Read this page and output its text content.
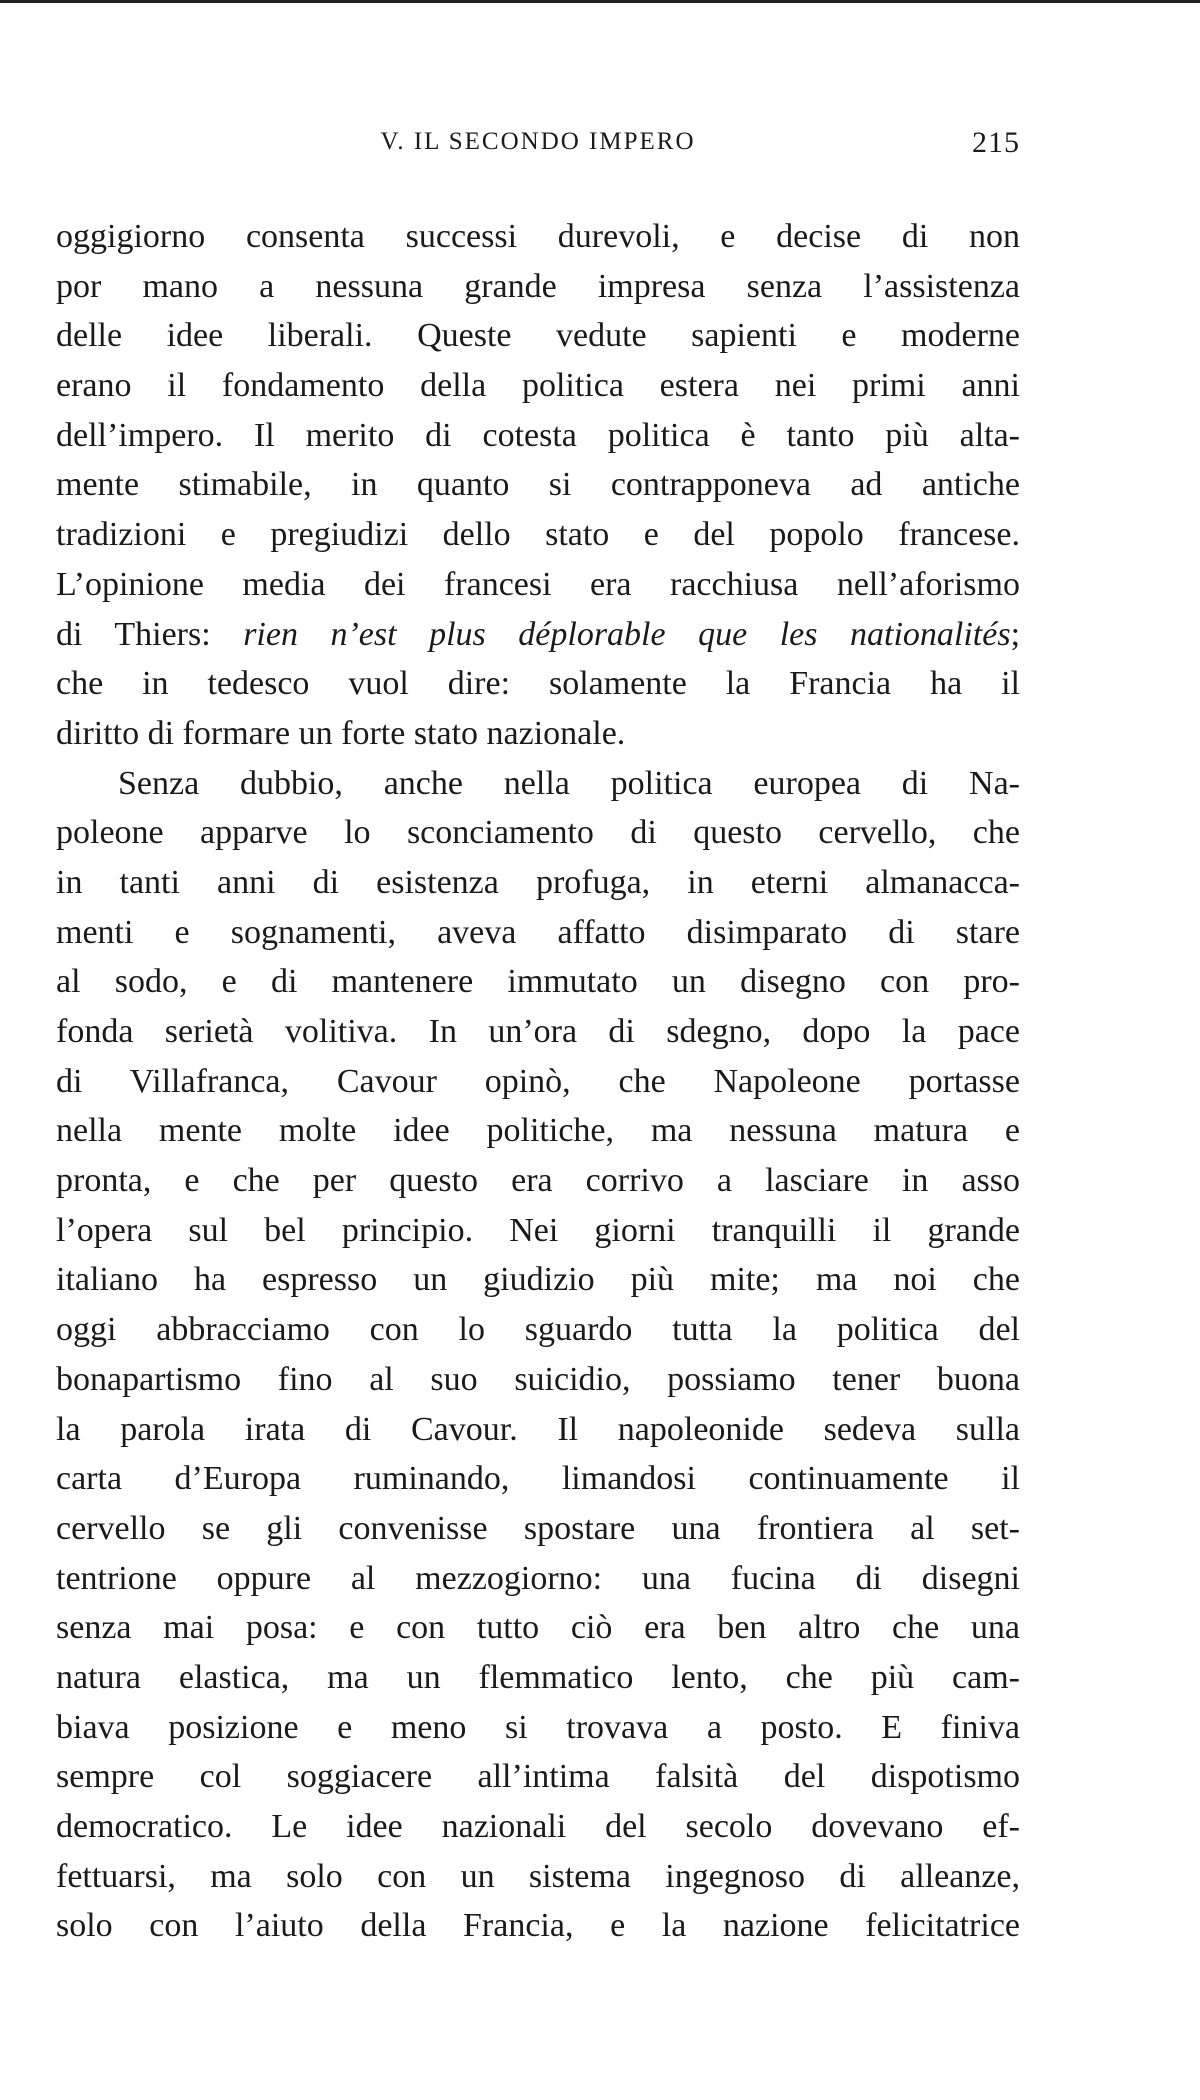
V. IL SECONDO IMPERO	215
oggigiorno consenta successi durevoli, e decise di non
por mano a nessuna grande impresa senza l’assistenza
delle idee liberali. Queste vedute sapienti e moderne
erano il fondamento della politica estera nei primi anni
dell’impero. Il merito di cotesta politica è tanto più alta-
mente stimabile, in quanto si contrapponeva ad antiche
tradizioni e pregiudizi dello stato e del popolo francese.
L’opinione media dei francesi era racchiusa nell’aforismo
di Thiers: rien n’est plus déplorable que les nationalités;
che in tedesco vuol dire: solamente la Francia ha il
diritto di formare un forte stato nazionale.
Senza dubbio, anche nella politica europea di Na-
poleone apparve lo sconciamento di questo cervello, che
in tanti anni di esistenza profuga, in eterni almanacca-
menti e sognamenti, aveva affatto disimparato di stare
al sodo, e di mantenere immutato un disegno con pro-
fonda serietà volitiva. In un’ora di sdegno, dopo la pace
di Villafranca, Cavour opinò, che Napoleone portasse
nella mente molte idee politiche, ma nessuna matura e
pronta, e che per questo era corrivo a lasciare in asso
l’opera sul bel principio. Nei giorni tranquilli il grande
italiano ha espresso un giudizio più mite; ma noi che
oggi abbracciamo con lo sguardo tutta la politica del
bonapartismo fino al suo suicidio, possiamo tener buona
la parola irata di Cavour. Il napoleonide sedeva sulla
carta d’Europa ruminando, limandosi continuamente il
cervello se gli convenisse spostare una frontiera al set-
tentrione oppure al mezzogiorno: una fucina di disegni
senza mai posa: e con tutto ciò era ben altro che una
natura elastica, ma un flemmatico lento, che più cam-
biava posizione e meno si trovava a posto. E finiva
sempre col soggiacere all’intima falsità del dispotismo
democratico. Le idee nazionali del secolo dovevano ef-
fettuarsi, ma solo con un sistema ingegnoso di alleanze,
solo con l’aiuto della Francia, e la nazione felicitatrice
